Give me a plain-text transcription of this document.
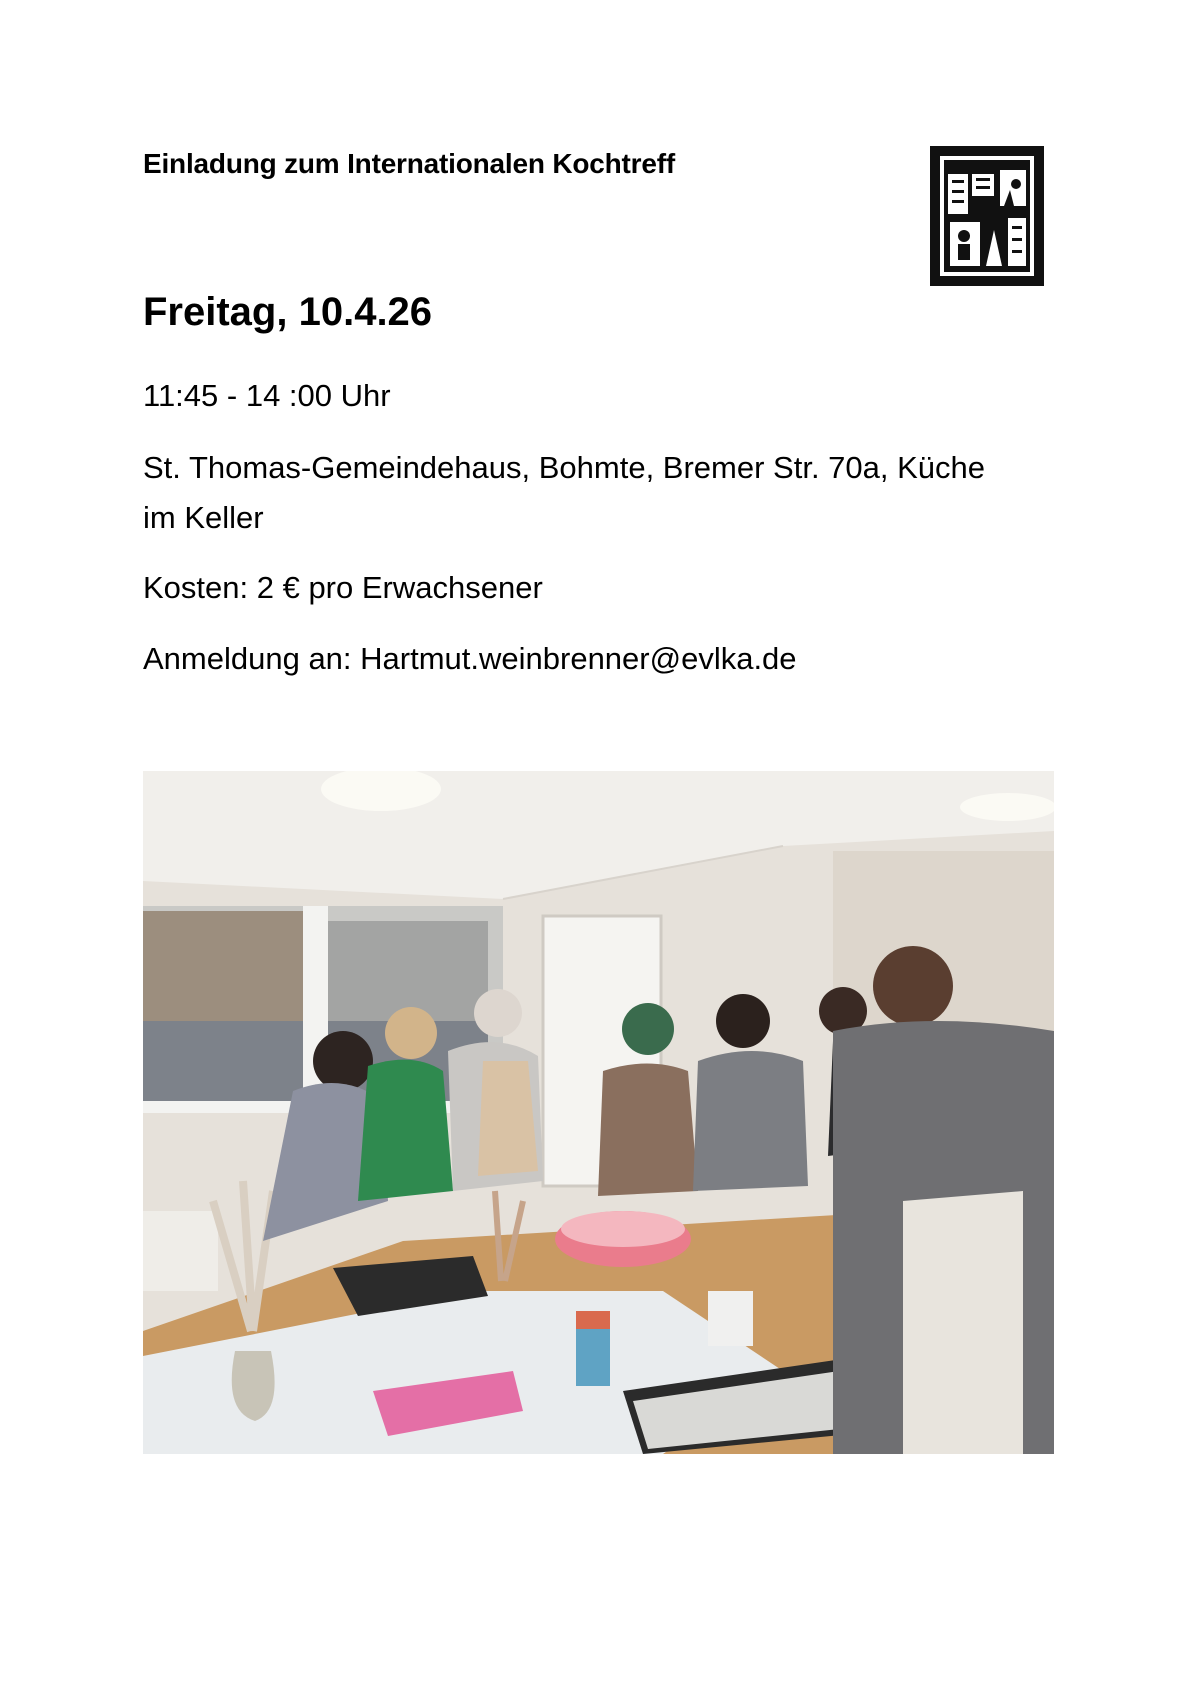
Einladung zum Internationalen Kochtreff
Freitag, 10.4.26
11:45 - 14 :00 Uhr
St. Thomas-Gemeindehaus, Bohmte, Bremer Str. 70a, Küche
im Keller
Kosten: 2 € pro Erwachsener
Anmeldung an: Hartmut.weinbrenner@evlka.de
